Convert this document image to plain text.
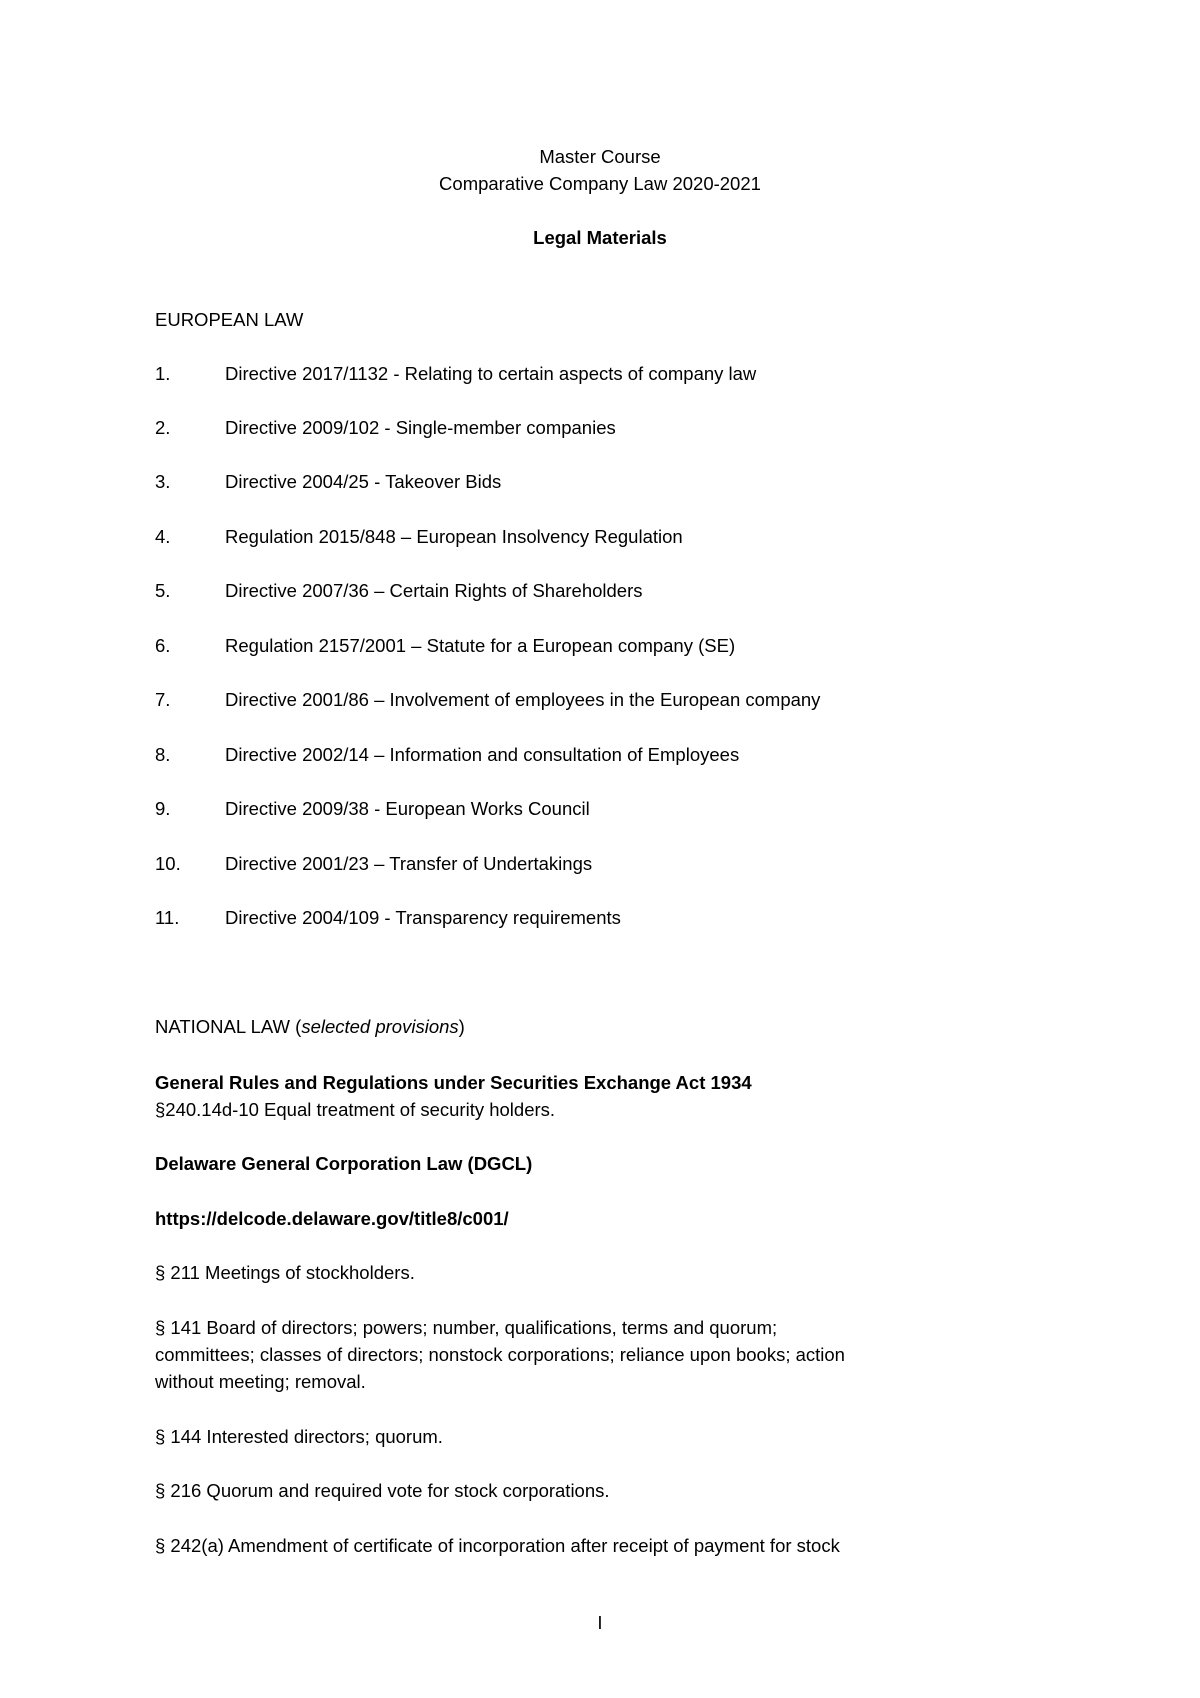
Master Course
Comparative Company Law 2020-2021
Legal Materials
EUROPEAN LAW
1.	Directive 2017/1132 - Relating to certain aspects of company law
2.	Directive 2009/102 - Single-member companies
3.	Directive 2004/25 - Takeover Bids
4.	Regulation 2015/848 – European Insolvency Regulation
5.	Directive 2007/36 – Certain Rights of Shareholders
6.	Regulation 2157/2001 – Statute for a European company (SE)
7.	Directive 2001/86 – Involvement of employees in the European company
8.	Directive 2002/14 – Information and consultation of Employees
9.	Directive 2009/38 - European Works Council
10. Directive 2001/23 – Transfer of Undertakings
11. Directive 2004/109 - Transparency requirements
NATIONAL LAW (selected provisions)
General Rules and Regulations under Securities Exchange Act 1934
§240.14d-10 Equal treatment of security holders.
Delaware General Corporation Law (DGCL)
https://delcode.delaware.gov/title8/c001/
§ 211 Meetings of stockholders.
§ 141 Board of directors; powers; number, qualifications, terms and quorum;
committees; classes of directors; nonstock corporations; reliance upon books; action
without meeting; removal.
§ 144 Interested directors; quorum.
§ 216 Quorum and required vote for stock corporations.
§ 242(a) Amendment of certificate of incorporation after receipt of payment for stock
I
